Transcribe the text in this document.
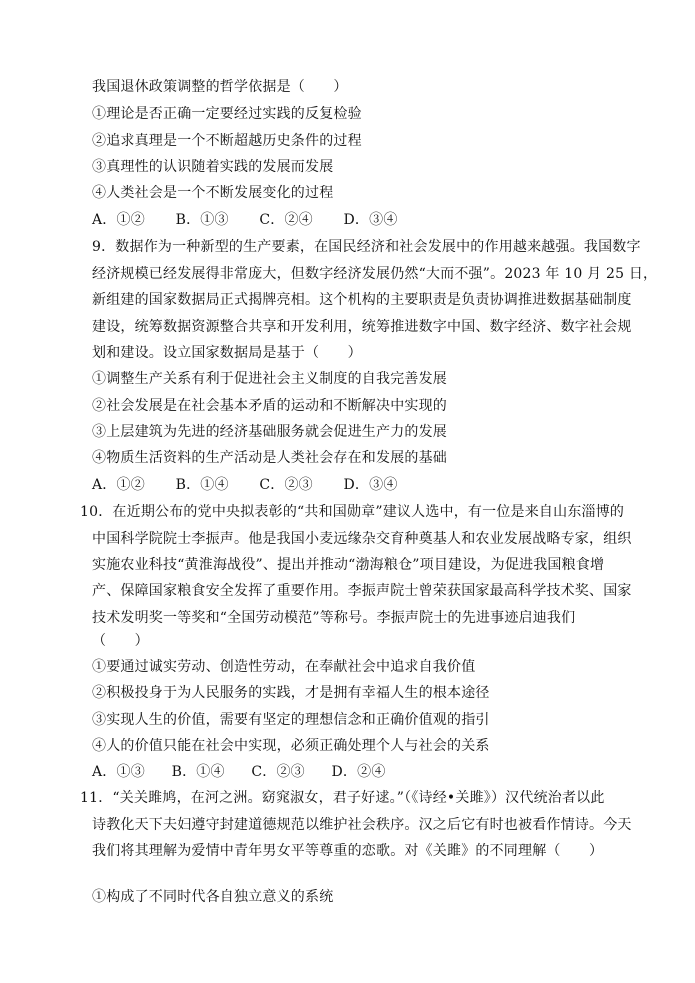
我国退休政策调整的哲学依据是（　　）
①理论是否正确一定要经过实践的反复检验
②追求真理是一个不断超越历史条件的过程
③真理性的认识随着实践的发展而发展
④人类社会是一个不断发展变化的过程
A．①② B．①③ C．②④ D．③④
9．数据作为一种新型的生产要素，在国民经济和社会发展中的作用越来越强。我国数字
经济规模已经发展得非常庞大，但数字经济发展仍然“大而不强”。2023 年 10 月 25 日，
新组建的国家数据局正式揭牌亮相。这个机构的主要职责是负责协调推进数据基础制度
建设，统筹数据资源整合共享和开发利用，统筹推进数字中国、数字经济、数字社会规
划和建设。设立国家数据局是基于（　　）
①调整生产关系有利于促进社会主义制度的自我完善发展
②社会发展是在社会基本矛盾的运动和不断解决中实现的
③上层建筑为先进的经济基础服务就会促进生产力的发展
④物质生活资料的生产活动是人类社会存在和发展的基础
A．①② B．①④ C．②③ D．③④
10．在近期公布的党中央拟表彰的“共和国勋章”建议人选中，有一位是来自山东淄博的
中国科学院院士李振声。他是我国小麦远缘杂交育种奠基人和农业发展战略专家，组织
实施农业科技“黄淮海战役”、提出并推动“渤海粮仓”项目建设，为促进我国粮食增
产、保障国家粮食安全发挥了重要作用。李振声院士曾荣获国家最高科学技术奖、国家
技术发明奖一等奖和“全国劳动模范”等称号。李振声院士的先进事迹启迪我们
（　　）
①要通过诚实劳动、创造性劳动，在奉献社会中追求自我价值
②积极投身于为人民服务的实践，才是拥有幸福人生的根本途径
③实现人生的价值，需要有坚定的理想信念和正确价值观的指引
④人的价值只能在社会中实现，必须正确处理个人与社会的关系
A．①③ B．①④ C．②③ D．②④
11．“关关雎鸠，在河之洲。窈窕淑女，君子好逑。”（《诗经•关雎》）汉代统治者以此
诗教化天下夫妇遵守封建道德规范以维护社会秩序。汉之后它有时也被看作情诗。今天
我们将其理解为爱情中青年男女平等尊重的恋歌。对《关雎》的不同理解（　　）
①构成了不同时代各自独立意义的系统
